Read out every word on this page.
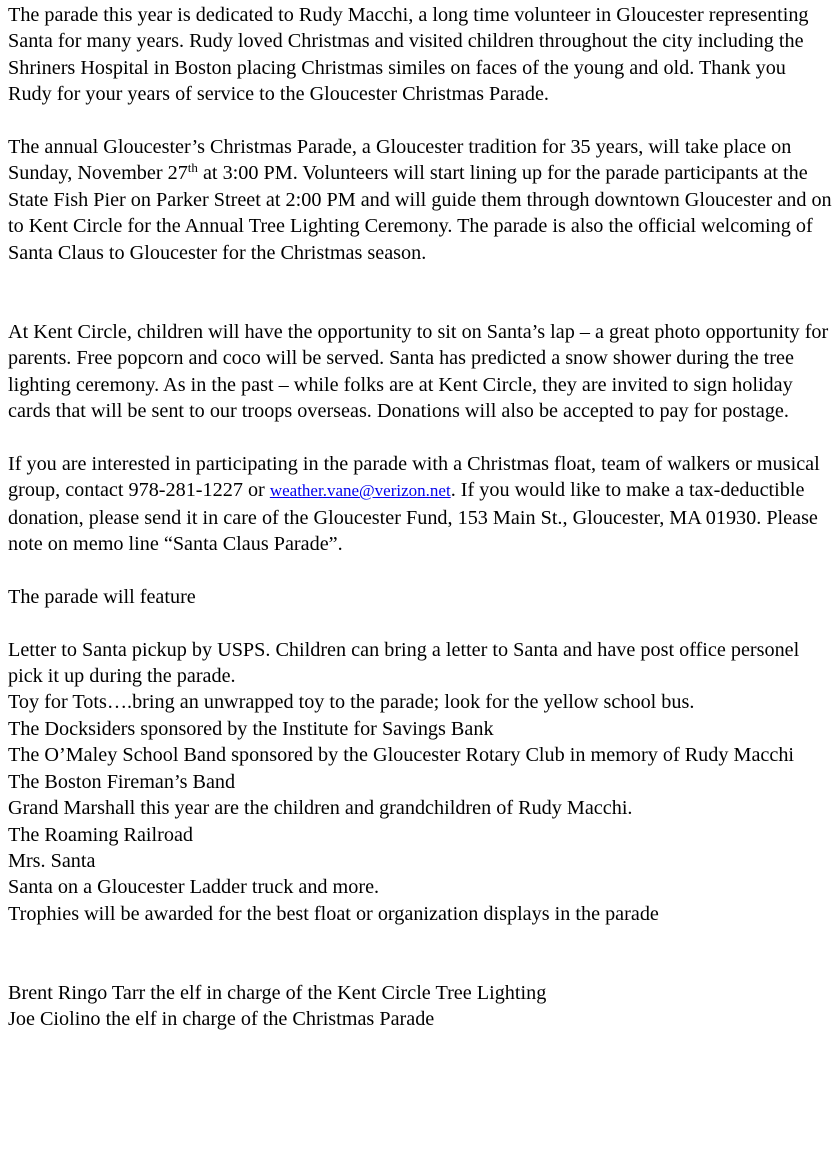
The parade this year is dedicated to Rudy Macchi, a long time volunteer in Gloucester representing Santa for many years. Rudy loved Christmas and visited children throughout the city including the Shriners Hospital in Boston placing Christmas similes on faces of the young and old. Thank you Rudy for your years of service to the Gloucester Christmas Parade.

The annual Gloucester’s Christmas Parade, a Gloucester tradition for 35 years, will take place on Sunday, November 27th at 3:00 PM. Volunteers will start lining up for the parade participants at the State Fish Pier on Parker Street at 2:00 PM and will guide them through downtown Gloucester and on to Kent Circle for the Annual Tree Lighting Ceremony. The parade is also the official welcoming of Santa Claus to Gloucester for the Christmas season.

At Kent Circle, children will have the opportunity to sit on Santa’s lap – a great photo opportunity for parents. Free popcorn and coco will be served. Santa has predicted a snow shower during the tree lighting ceremony. As in the past – while folks are at Kent Circle, they are invited to sign holiday cards that will be sent to our troops overseas. Donations will also be accepted to pay for postage.

If you are interested in participating in the parade with a Christmas float, team of walkers or musical group, contact 978-281-1227 or weather.vane@verizon.net. If you would like to make a tax-deductible donation, please send it in care of the Gloucester Fund, 153 Main St., Gloucester, MA 01930. Please note on memo line “Santa Claus Parade”.

The parade will feature

Letter to Santa pickup by USPS. Children can bring a letter to Santa and have post office personel pick it up during the parade.

Toy for Tots….bring an unwrapped toy to the parade; look for the yellow school bus.

The Docksiders sponsored by the Institute for Savings Bank

The O’Maley School Band sponsored by the Gloucester Rotary Club in memory of Rudy Macchi

The Boston Fireman’s Band

Grand Marshall this year are the children and grandchildren of Rudy Macchi.

The Roaming Railroad

Mrs. Santa

Santa on a Gloucester Ladder truck and more.

Trophies will be awarded for the best float or organization displays in the parade

Brent Ringo Tarr the elf in charge of the Kent Circle Tree Lighting

Joe Ciolino the elf in charge of the Christmas Parade
